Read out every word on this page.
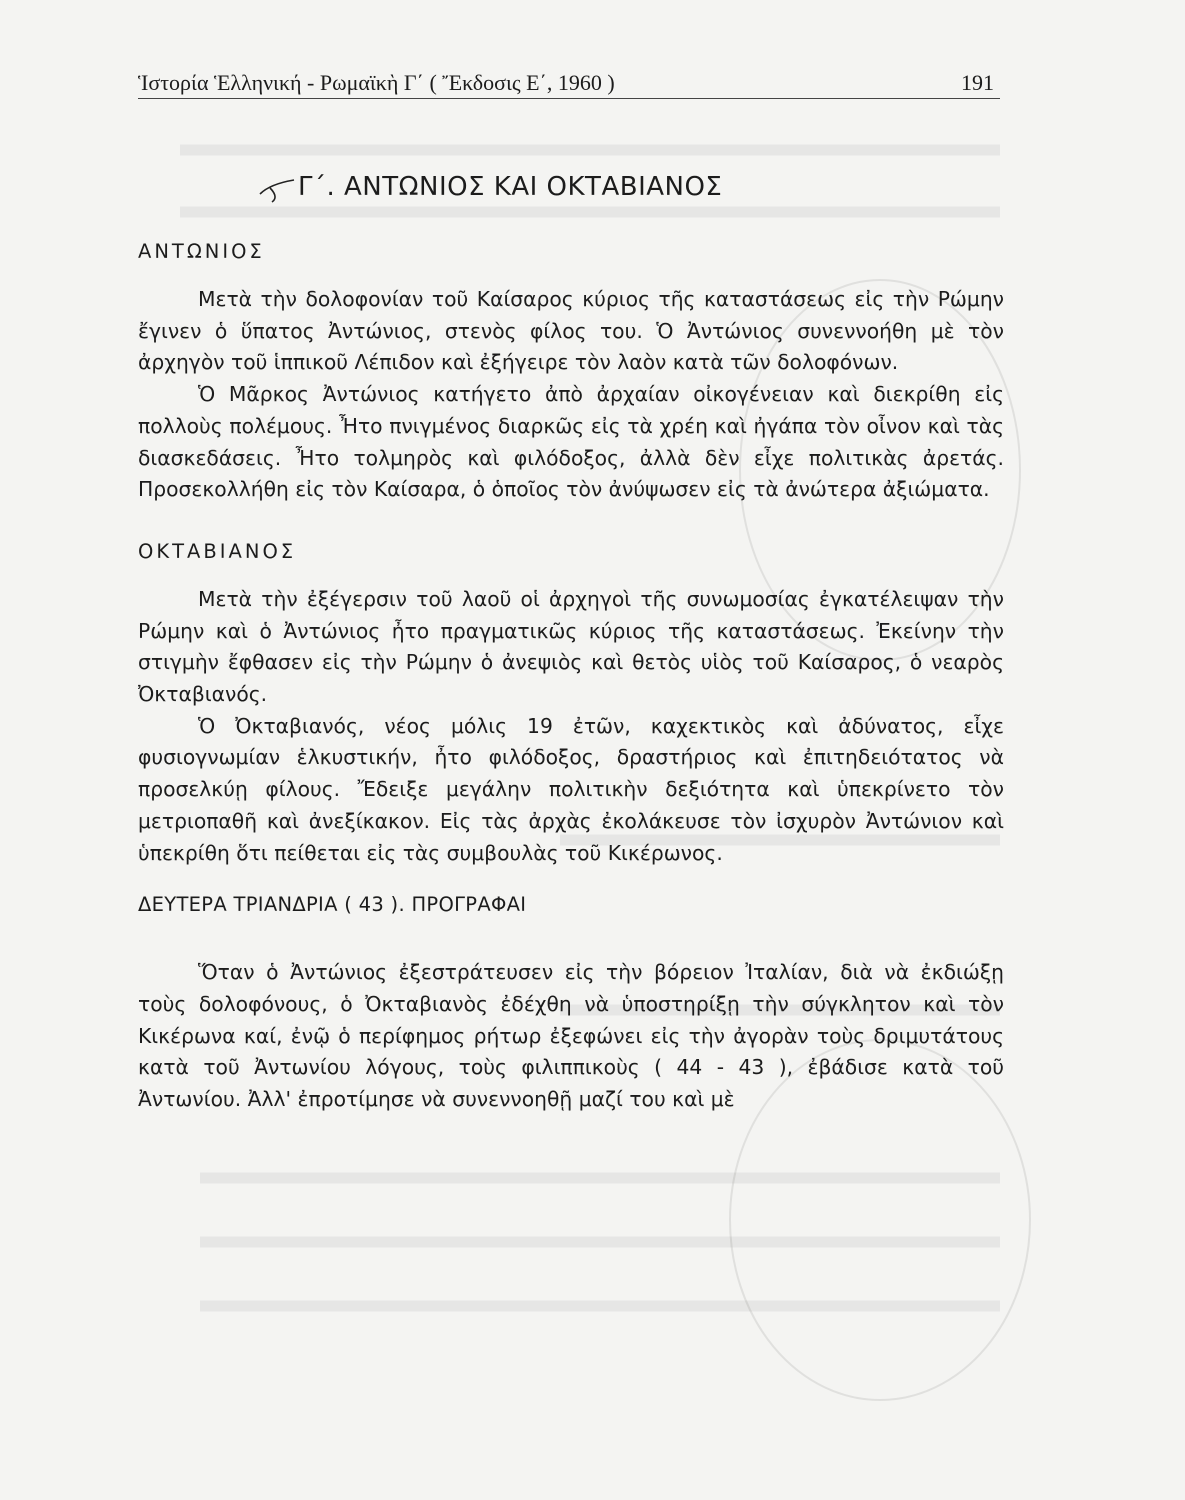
Ἱστορία Ἑλληνική - Ρωμαϊκὴ Γ΄ ( Ἔκδοσις Ε΄, 1960 )	191
Γ΄. ΑΝΤΩΝΙΟΣ ΚΑΙ ΟΚΤΑΒΙΑΝΟΣ
ΑΝΤΩΝΙΟΣ

Μετὰ τὴν δολοφονίαν τοῦ Καίσαρος κύριος τῆς καταστάσεως εἰς τὴν Ρώμην ἔγινεν ὁ ὕπατος Ἀντώνιος, στενὸς φίλος του. Ὁ Ἀντώνιος συνεννοήθη μὲ τὸν ἀρχηγὸν τοῦ ἱππικοῦ Λέπιδον καὶ ἐξήγειρε τὸν λαὸν κατὰ τῶν δολοφόνων.

Ὁ Μᾶρκος Ἀντώνιος κατήγετο ἀπὸ ἀρχαίαν οἰκογένειαν καὶ διεκρίθη εἰς πολλοὺς πολέμους. Ἦτο πνιγμένος διαρκῶς εἰς τὰ χρέη καὶ ἠγάπα τὸν οἶνον καὶ τὰς διασκεδάσεις. Ἦτο τολμηρὸς καὶ φιλόδοξος, ἀλλὰ δὲν εἶχε πολιτικὰς ἀρετάς. Προσεκολλήθη εἰς τὸν Καίσαρα, ὁ ὁποῖος τὸν ἀνύψωσεν εἰς τὰ ἀνώτερα ἀξιώματα.

ΟΚΤΑΒΙΑΝΟΣ

Μετὰ τὴν ἐξέγερσιν τοῦ λαοῦ οἱ ἀρχηγοὶ τῆς συνωμοσίας ἐγκατέλειψαν τὴν Ρώμην καὶ ὁ Ἀντώνιος ἦτο πραγματικῶς κύριος τῆς καταστάσεως. Ἐκείνην τὴν στιγμὴν ἔφθασεν εἰς τὴν Ρώμην ὁ ἀνεψιὸς καὶ θετὸς υἱὸς τοῦ Καίσαρος, ὁ νεαρὸς Ὀκταβιανός.

Ὁ Ὀκταβιανός, νέος μόλις 19 ἐτῶν, καχεκτικὸς καὶ ἀδύνατος, εἶχε φυσιογνωμίαν ἑλκυστικήν, ἦτο φιλόδοξος, δραστήριος καὶ ἐπιτηδειότατος νὰ προσελκύῃ φίλους. Ἔδειξε μεγάλην πολιτικὴν δεξιότητα καὶ ὑπεκρίνετο τὸν μετριοπαθῆ καὶ ἀνεξίκακον. Εἰς τὰς ἀρχὰς ἐκολάκευσε τὸν ἰσχυρὸν Ἀντώνιον καὶ ὑπεκρίθη ὅτι πείθεται εἰς τὰς συμβουλὰς τοῦ Κικέρωνος.

ΔΕΥΤΕΡΑ ΤΡΙΑΝΔΡΙΑ ( 43 ). ΠΡΟΓΡΑΦΑΙ

Ὅταν ὁ Ἀντώνιος ἐξεστράτευσεν εἰς τὴν βόρειον Ἰταλίαν, διὰ νὰ ἐκδιώξῃ τοὺς δολοφόνους, ὁ Ὀκταβιανὸς ἐδέχθη νὰ ὑποστηρίξῃ τὴν σύγκλητον καὶ τὸν Κικέρωνα καί, ἐνῷ ὁ περίφημος ρήτωρ ἐξεφώνει εἰς τὴν ἀγορὰν τοὺς δριμυτάτους κατὰ τοῦ Ἀντωνίου λόγους, τοὺς φιλιππικοὺς ( 44 - 43 ), ἐβάδισε κατὰ τοῦ Ἀντωνίου. Ἀλλ' ἐπροτίμησε νὰ συνεννοηθῇ μαζί του καὶ μὲ
